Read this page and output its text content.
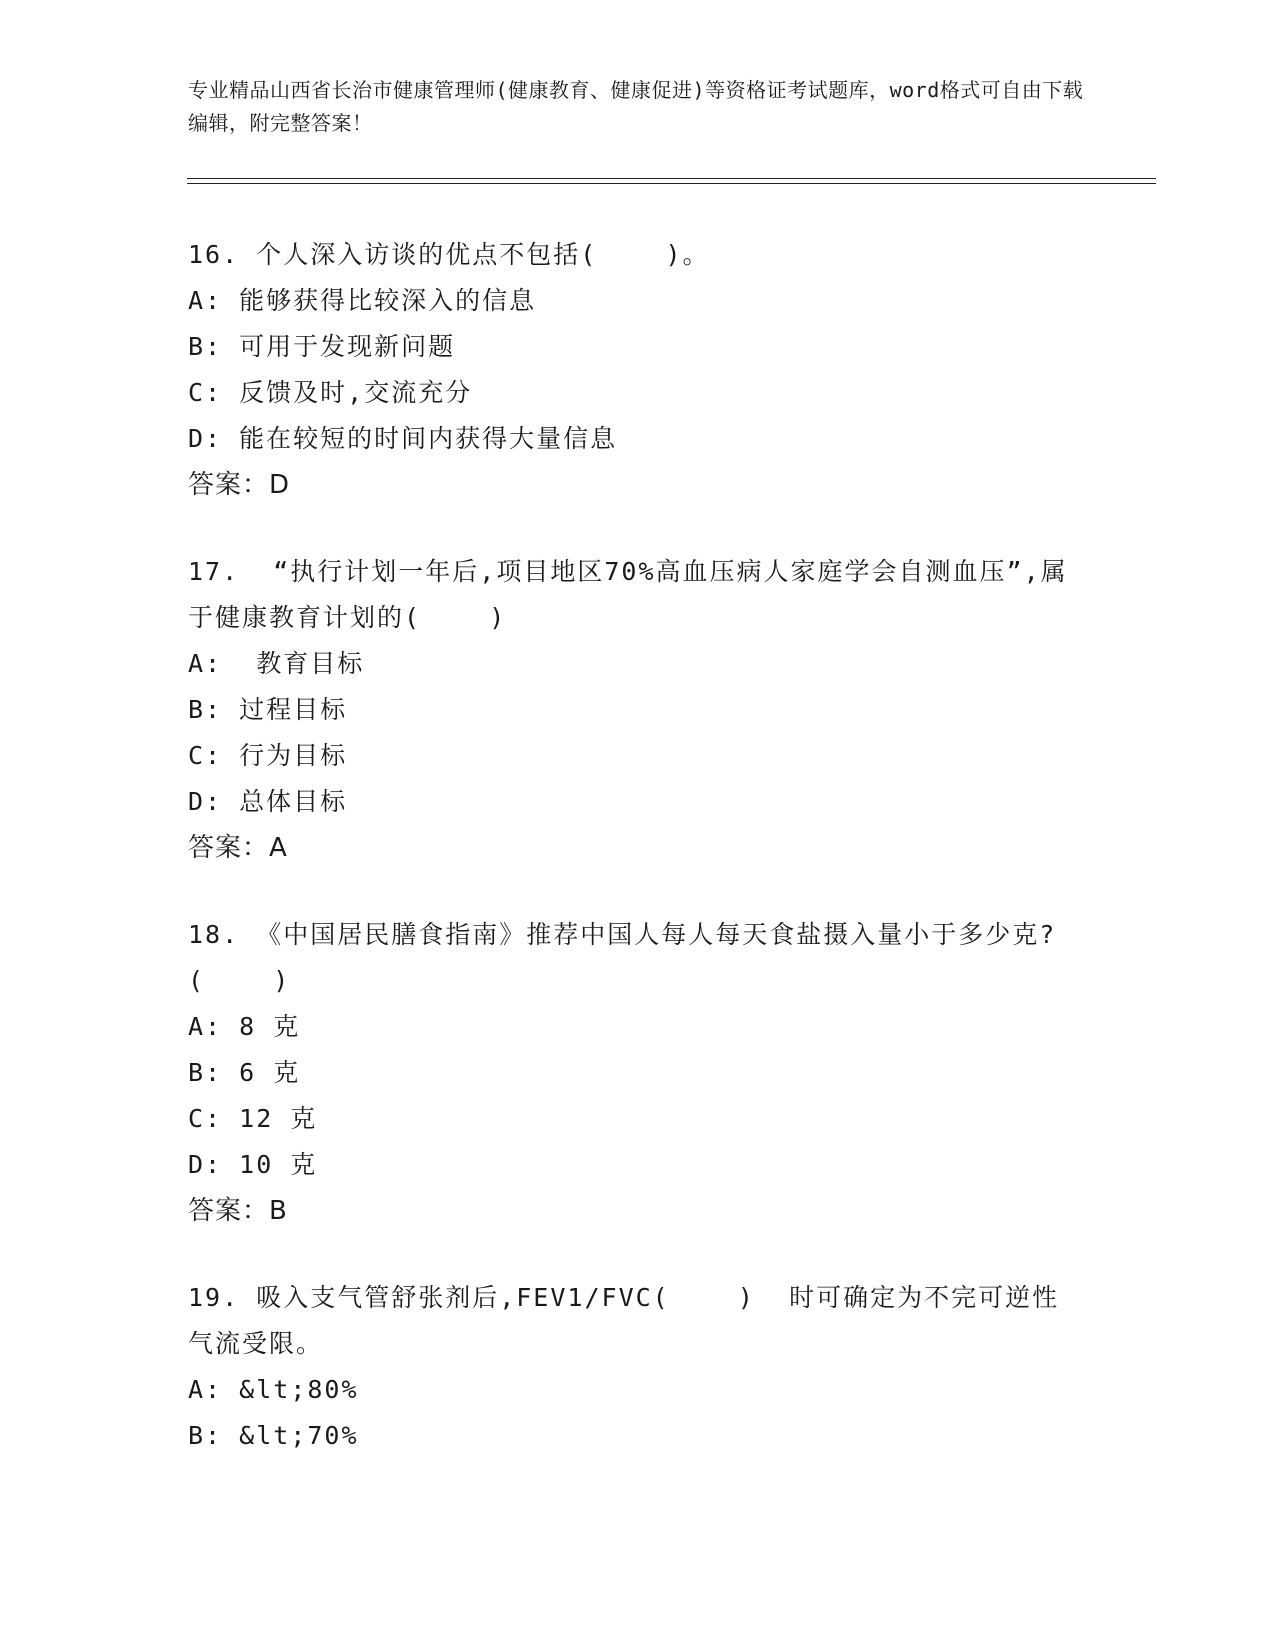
专业精品山西省长治市健康管理师(健康教育、健康促进)等资格证考试题库，word格式可自由下载编辑，附完整答案！
16. 个人深入访谈的优点不包括(    )。
A: 能够获得比较深入的信息
B: 可用于发现新问题
C: 反馈及时,交流充分
D: 能在较短的时间内获得大量信息
答案：D
17.  “执行计划一年后,项目地区70%高血压病人家庭学会自测血压”,属于健康教育计划的(    )
A:  教育目标
B: 过程目标
C: 行为目标
D: 总体目标
答案：A
18. 《中国居民膳食指南》推荐中国人每人每天食盐摄入量小于多少克?(    )
A: 8 克
B: 6 克
C: 12 克
D: 10 克
答案：B
19. 吸入支气管舒张剂后,FEV1/FVC(    )  时可确定为不完可逆性气流受限。
A: &lt;80%
B: &lt;70%
